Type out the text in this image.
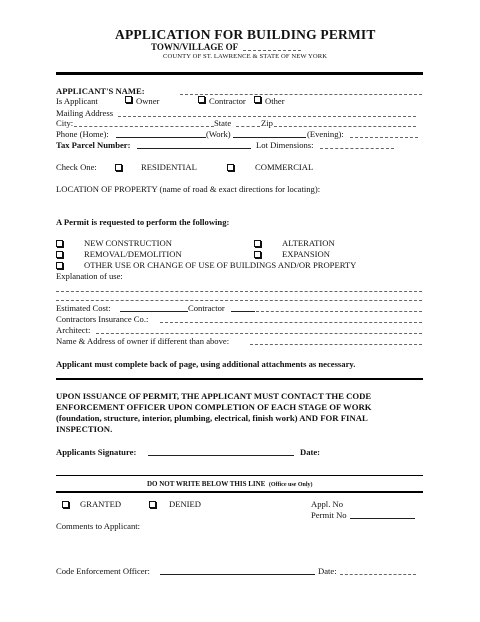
APPLICATION FOR BUILDING PERMIT
TOWN/VILLAGE OF
COUNTY OF ST. LAWRENCE & STATE OF NEW YORK
APPLICANT'S NAME:
Is Applicant	Owner	Contractor	Other
Mailing Address
City:	State	Zip
Phone (Home):	(Work)	(Evening):
Tax Parcel Number:	Lot Dimensions:
Check One:	RESIDENTIAL	COMMERCIAL
LOCATION OF PROPERTY (name of road & exact directions for locating):
A Permit is requested to perform the following:
NEW CONSTRUCTION	ALTERATION
REMOVAL/DEMOLITION	EXPANSION
OTHER USE OR CHANGE OF USE OF BUILDINGS AND/OR PROPERTY
Explanation of use:
Estimated Cost:	Contractor
Contractors Insurance Co.:
Architect:
Name & Address of owner if different than above:
Applicant must complete back of page, using additional attachments as necessary.
UPON ISSUANCE OF PERMIT, THE APPLICANT MUST CONTACT THE CODE
ENFORCEMENT OFFICER UPON COMPLETION OF EACH STAGE OF WORK
(foundation, structure, interior, plumbing, electrical, finish work) AND FOR FINAL
INSPECTION.
Applicants Signature:	Date:
DO NOT WRITE BELOW THIS LINE (Office use Only)
GRANTED	DENIED	Appl. No
Permit No
Comments to Applicant:
Code Enforcement Officer:	Date:
